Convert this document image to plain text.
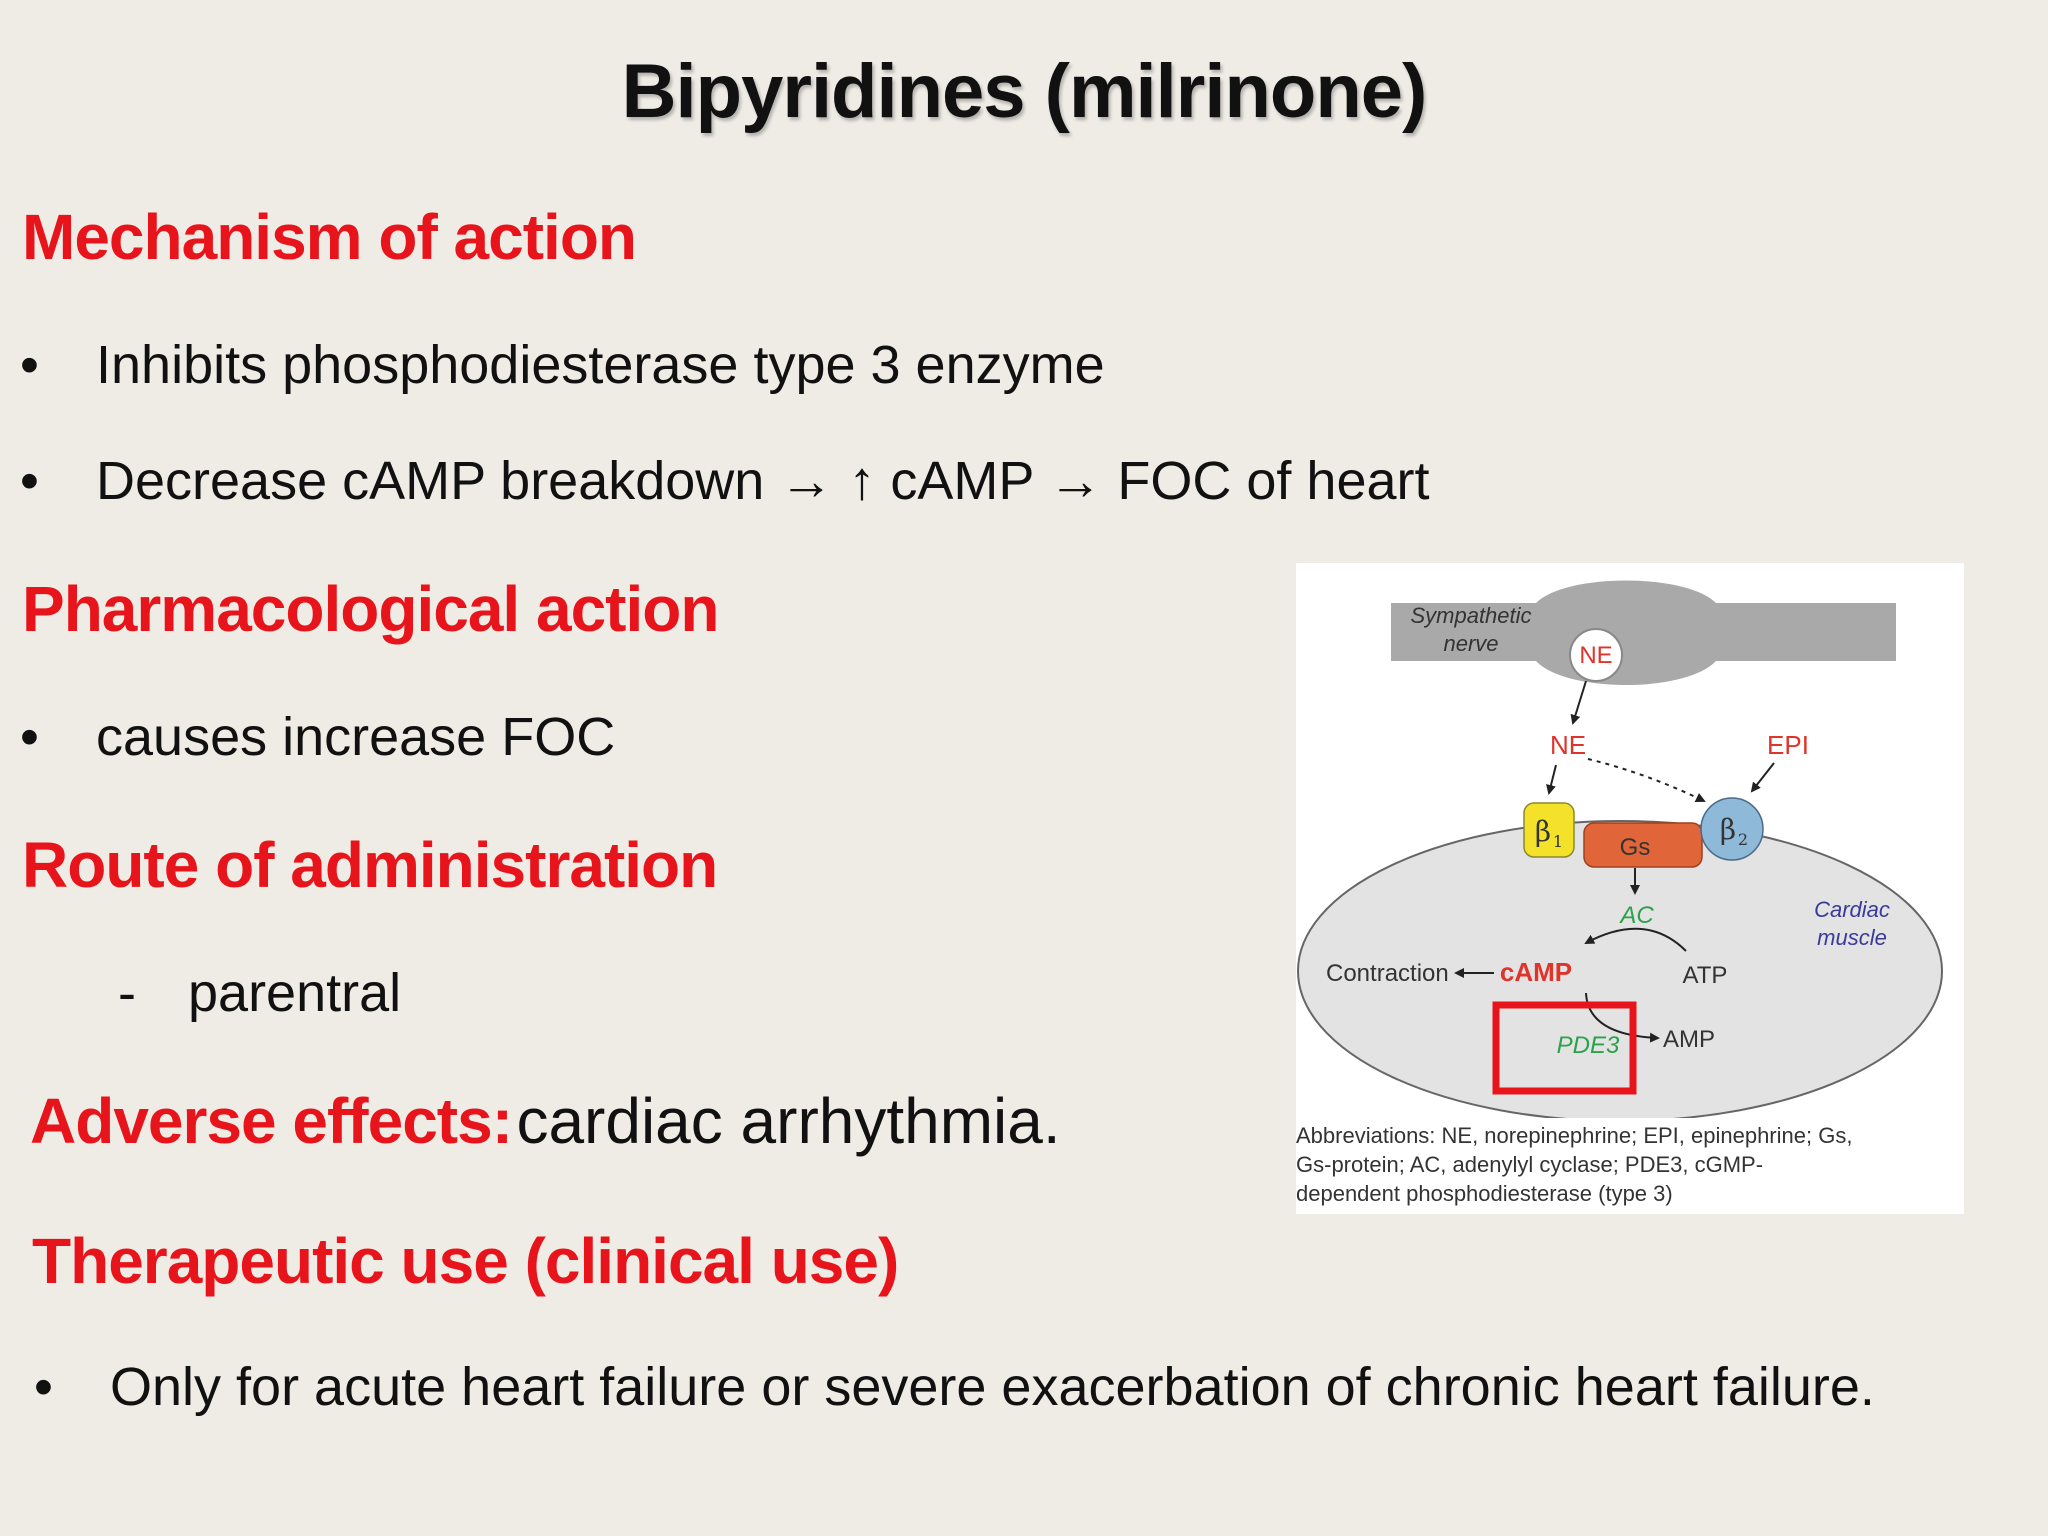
Bipyridines (milrinone)
Mechanism of action
• Inhibits phosphodiesterase type 3 enzyme
• Decrease cAMP breakdown → ↑ cAMP → FOC of heart
Pharmacological action
• causes increase FOC
Route of administration
- parentral
Adverse effects: cardiac arrhythmia.
Therapeutic use (clinical use)
• Only for acute heart failure or severe exacerbation of chronic heart failure.
Sympathetic
nerve	NE
NE	EPI
Gs
β 1	β 2
AC	Cardiac
muscle
Contraction cAMP	ATP
PDE3 AMP
Abbreviations: NE, norepinephrine; EPI, epinephrine; Gs,
Gs-protein; AC, adenylyl cyclase; PDE3, cGMP-
dependent phosphodiesterase (type 3)
